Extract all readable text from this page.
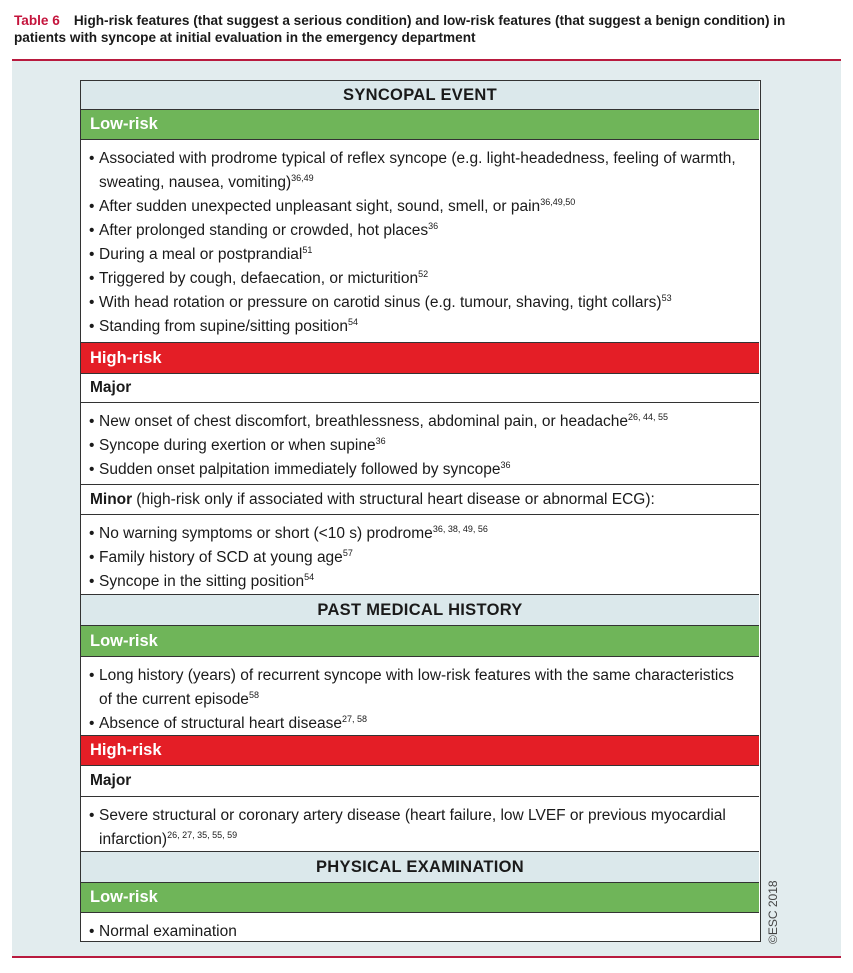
Table 6 High-risk features (that suggest a serious condition) and low-risk features (that suggest a benign condition) in patients with syncope at initial evaluation in the emergency department
SYNCOPAL EVENT
Low-risk
• Associated with prodrome typical of reflex syncope (e.g. light-headedness, feeling of warmth, sweating, nausea, vomiting)$^{36,49}$
• After sudden unexpected unpleasant sight, sound, smell, or pain$^{36,49,50}$
• After prolonged standing or crowded, hot places$^{36}$
• During a meal or postprandial$^{51}$
• Triggered by cough, defaecation, or micturition$^{52}$
• With head rotation or pressure on carotid sinus (e.g. tumour, shaving, tight collars)$^{53}$
• Standing from supine/sitting position$^{54}$
High-risk
Major
• New onset of chest discomfort, breathlessness, abdominal pain, or headache$^{26, 44, 55}$
• Syncope during exertion or when supine$^{36}$
• Sudden onset palpitation immediately followed by syncope$^{36}$
Minor (high-risk only if associated with structural heart disease or abnormal ECG):
• No warning symptoms or short (<10 s) prodrome$^{36, 38, 49, 56}$
• Family history of SCD at young age$^{57}$
• Syncope in the sitting position$^{54}$
PAST MEDICAL HISTORY
Low-risk
• Long history (years) of recurrent syncope with low-risk features with the same characteristics of the current episode$^{58}$
• Absence of structural heart disease$^{27, 58}$
High-risk
Major
• Severe structural or coronary artery disease (heart failure, low LVEF or previous myocardial infarction)$^{26, 27, 35, 55, 59}$
PHYSICAL EXAMINATION
Low-risk
• Normal examination	©ESC 2018
